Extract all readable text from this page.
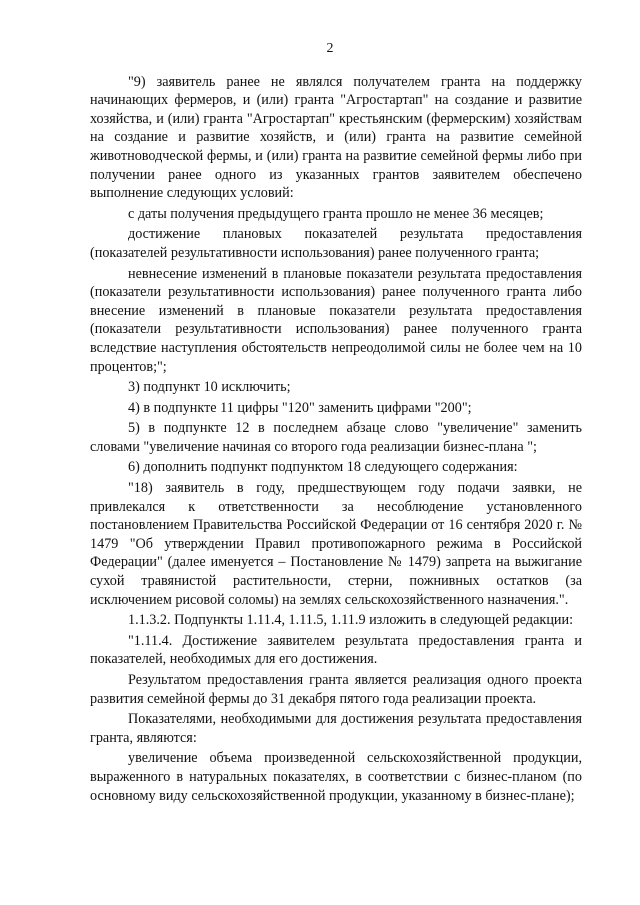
2

"9) заявитель ранее не являлся получателем гранта на поддержку начинающих фермеров, и (или) гранта "Агростартап" на создание и развитие хозяйства, и (или) гранта "Агростартап" крестьянским (фермерским) хозяйствам на создание и развитие хозяйств, и (или) гранта на развитие семейной животноводческой фермы, и (или) гранта на развитие семейной фермы либо при получении ранее одного из указанных грантов заявителем обеспечено выполнение следующих условий:

с даты получения предыдущего гранта прошло не менее 36 месяцев;

достижение плановых показателей результата предоставления (показателей результативности использования) ранее полученного гранта;

невнесение изменений в плановые показатели результата предоставления (показатели результативности использования) ранее полученного гранта либо внесение изменений в плановые показатели результата предоставления (показатели результативности использования) ранее полученного гранта вследствие наступления обстоятельств непреодолимой силы не более чем на 10 процентов;";

3) подпункт 10 исключить;

4) в подпункте 11 цифры "120" заменить цифрами "200";

5) в подпункте 12 в последнем абзаце слово "увеличение" заменить словами "увеличение начиная со второго года реализации бизнес-плана ";

6) дополнить подпункт подпунктом 18 следующего содержания:

"18) заявитель в году, предшествующем году подачи заявки, не привлекался к ответственности за несоблюдение установленного постановлением Правительства Российской Федерации от 16 сентября 2020 г. № 1479 "Об утверждении Правил противопожарного режима в Российской Федерации" (далее именуется – Постановление № 1479) запрета на выжигание сухой травянистой растительности, стерни, пожнивных остатков (за исключением рисовой соломы) на землях сельскохозяйственного назначения.".

1.1.3.2. Подпункты 1.11.4, 1.11.5, 1.11.9 изложить в следующей редакции:

"1.11.4. Достижение заявителем результата предоставления гранта и показателей, необходимых для его достижения.

Результатом предоставления гранта является реализация одного проекта развития семейной фермы до 31 декабря пятого года реализации проекта.

Показателями, необходимыми для достижения результата предоставления гранта, являются:

увеличение объема произведенной сельскохозяйственной продукции, выраженного в натуральных показателях, в соответствии с бизнес-планом (по основному виду сельскохозяйственной продукции, указанному в бизнес-плане);
